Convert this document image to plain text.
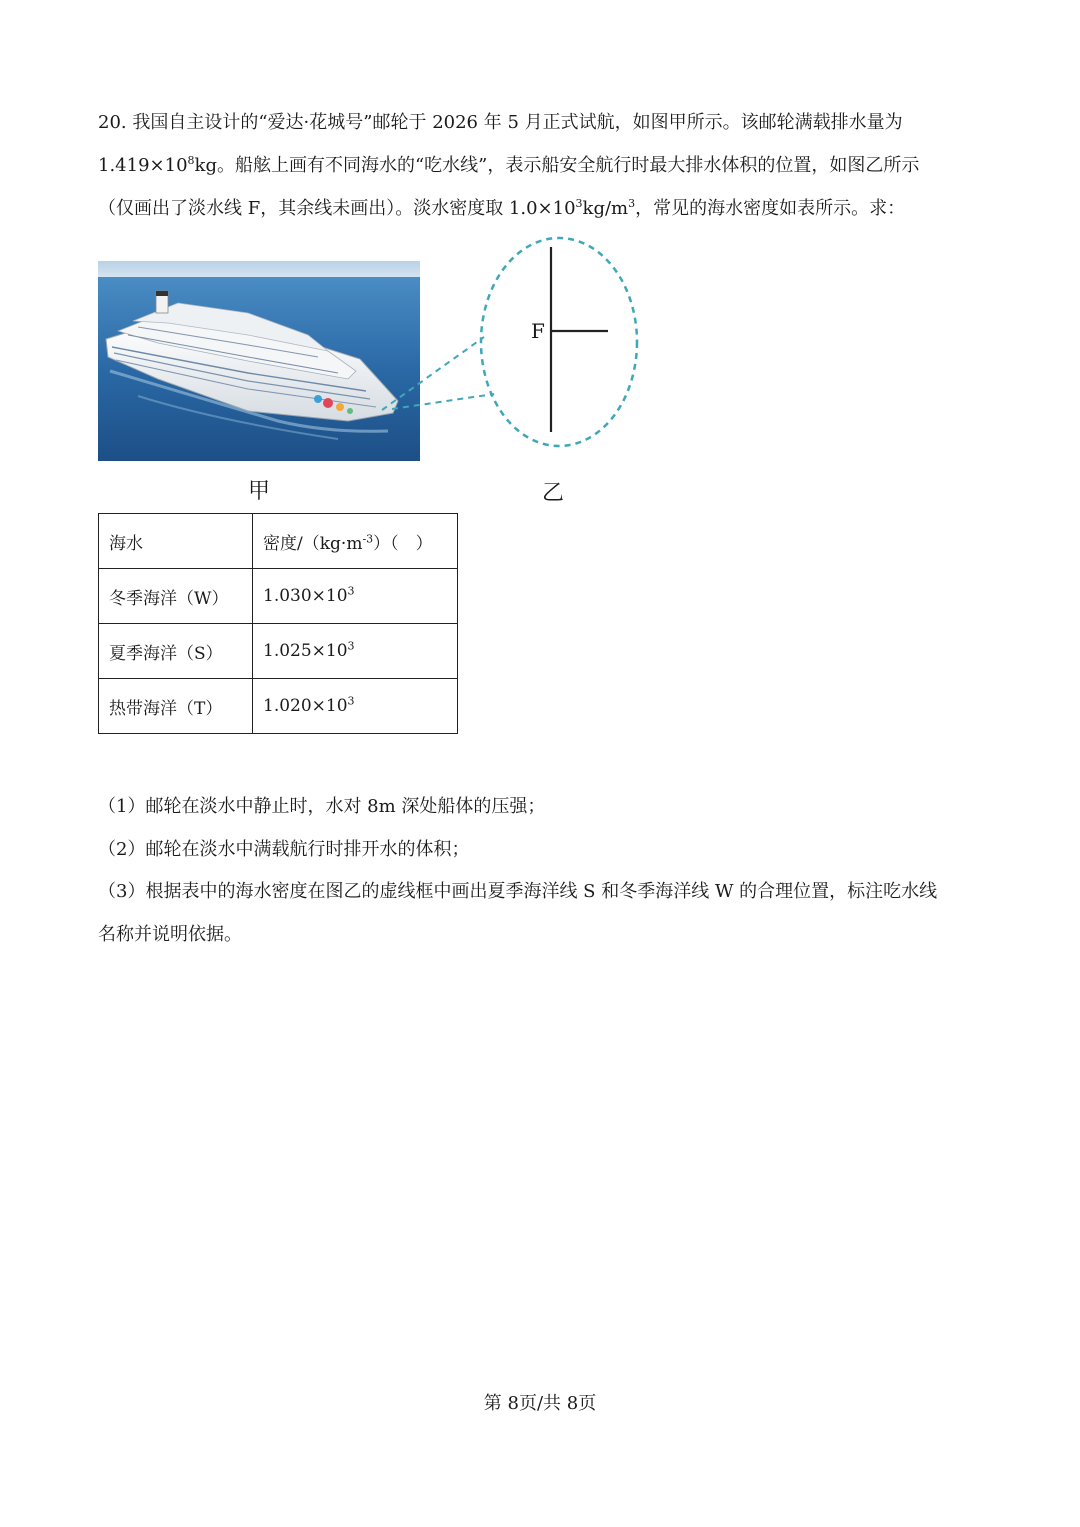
20. 我国自主设计的“爱达·花城号”邮轮于 2026 年 5 月正式试航，如图甲所示。该邮轮满载排水量为
$1.419\times 10^8kg$。船舷上画有不同海水的“吃水线”，表示船安全航行时最大排水体积的位置，如图乙所示
（仅画出了淡水线 F，其余线未画出）。淡水密度取 $1.0\times 10^3kg/m^3$，常见的海水密度如表所示。求：
F
甲	乙
海水	密度$/(kg\cdot m^{-3})$（　）
冬季海洋（W）	$1.030\times 10^3$
夏季海洋（S）	$1.025\times 10^3$
热带海洋（T）	$1.020\times 10^3$
（1）邮轮在淡水中静止时，水对 8m 深处船体的压强；
（2）邮轮在淡水中满载航行时排开水的体积；
（3）根据表中的海水密度在图乙的虚线框中画出夏季海洋线 S 和冬季海洋线 W 的合理位置，标注吃水线
名称并说明依据。
第 8页/共 8页
